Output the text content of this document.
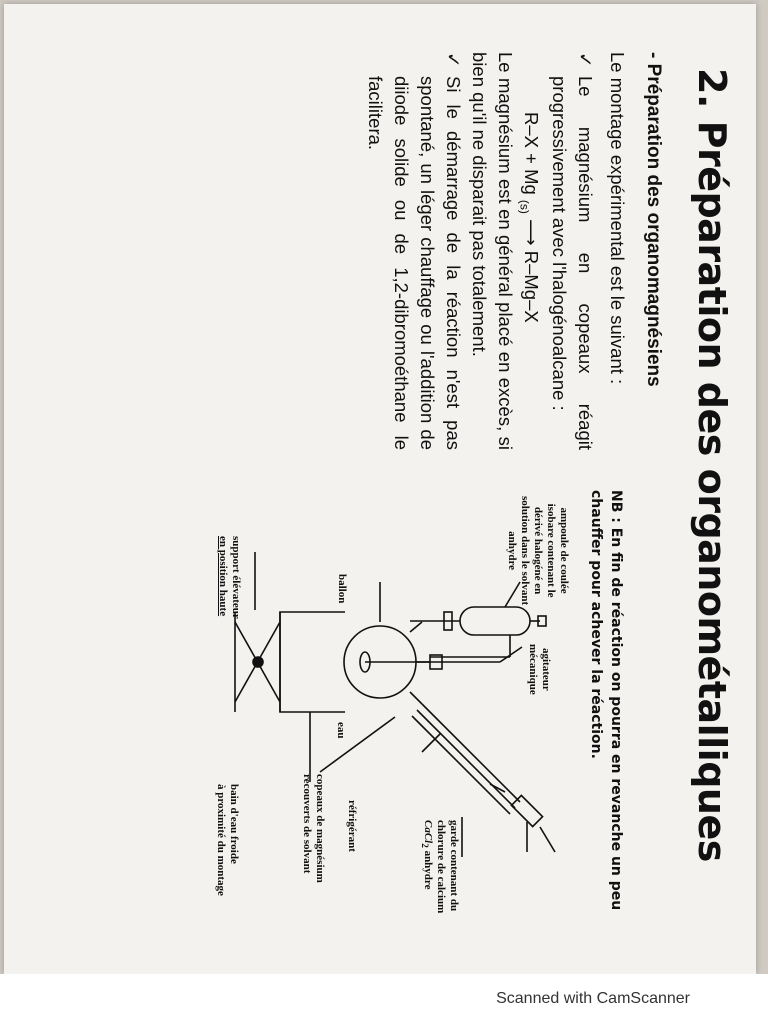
Scanned with CamScanner
2. Préparation des organométalliques
- Préparation des organomagnésiens
Le montage expérimental est le suivant :
✓
Le magnésium en copeaux réagit
progressivement avec l'halogénoalcane :
R–X + Mg $_{(s)}$ ⟶ R–Mg–X
Le magnésium est en général placé en excès, si
bien qu'il ne disparait pas totalement.
✓
Si le démarrage de la réaction n'est pas
spontané, un léger chauffage ou l'addition de
diiode solide ou de 1,2-dibromoéthane le
facilitera.
NB : En fin de réaction on pourra en revanche un peu
chauffer pour achever la réaction.
ampoule de coulée
isobare contenant le
dérivé halogéné en
solution dans le solvant
anhydre
agitateur
mécanique
garde contenant du
chlorure de calcium
CaCl$_2$ anhydre
réfrigérant
eau
ballon
copeaux de magnésium
recouverts de solvant
support élévateur
en position haute
bain d'eau froide
à proximité du montage
